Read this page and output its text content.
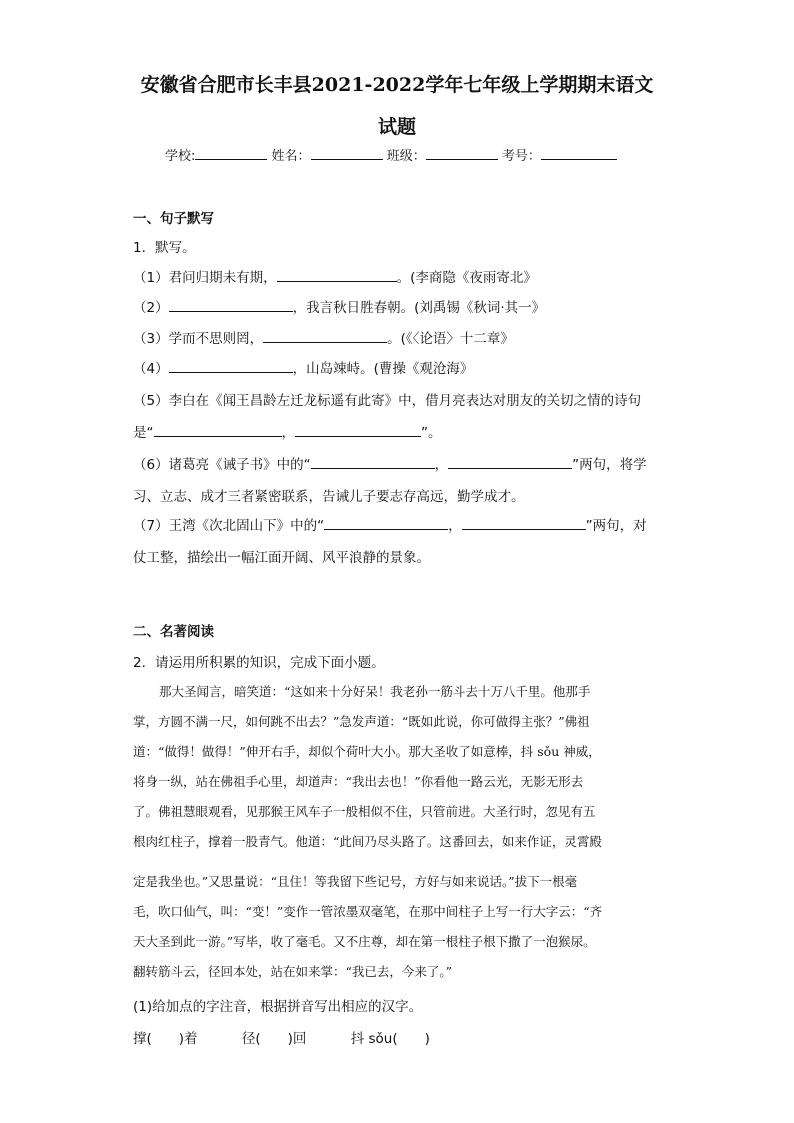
安徽省合肥市长丰县2021-2022学年七年级上学期期末语文
试题
学校:	姓名：	班级：	考号：
一、句子默写
1．默写。
（1）君问归期未有期，	。(李商隐《夜雨寄北》
（2）	，我言秋日胜春朝。(刘禹锡《秋词·其一》
（3）学而不思则罔，	。(《〈论语〉十二章》
（4）	，山岛竦峙。(曹操《观沧海》
（5）李白在《闻王昌龄左迁龙标遥有此寄》中，借月亮表达对朋友的关切之情的诗句
是“	，	”。
（6）诸葛亮《诫子书》中的“	，	”两句，将学
习、立志、成才三者紧密联系，告诫儿子要志存高远，勤学成才。
（7）王湾《次北固山下》中的“	，	”两句，对
仗工整，描绘出一幅江面开阔、风平浪静的景象。
二、名著阅读
2．请运用所积累的知识，完成下面小题。
那大圣闻言，暗笑道：“这如来十分好呆！我老孙一筋斗去十万八千里。他那手
掌，方圆不满一尺，如何跳不出去？”急发声道：“既如此说，你可做得主张？”佛祖
道：“做得！做得！”伸开右手，却似个荷叶大小。那大圣收了如意棒，抖 sǒu 神威，
将身一纵，站在佛祖手心里，却道声：“我出去也！”你看他一路云光，无影无形去
了。佛祖慧眼观看，见那猴王风车子一般相似不住，只管前进。大圣行时，忽见有五
根肉红柱子，撑着一股青气。他道：“此间乃尽头路了。这番回去，如来作证，灵霄殿
定是我坐也。”又思量说：“且住！等我留下些记号，方好与如来说话。”拔下一根毫
毛，吹口仙气，叫：“变！”变作一管浓墨双毫笔，在那中间柱子上写一行大字云：“齐
天大圣到此一游。”写毕，收了毫毛。又不庄尊，却在第一根柱子根下撒了一泡猴尿。
翻转筋斗云，径回本处，站在如来掌：“我已去，今来了。”
(1)给加点的字注音，根据拼音写出相应的汉字。
撑(　　)着	径(　　)回	抖 sǒu(　　)
